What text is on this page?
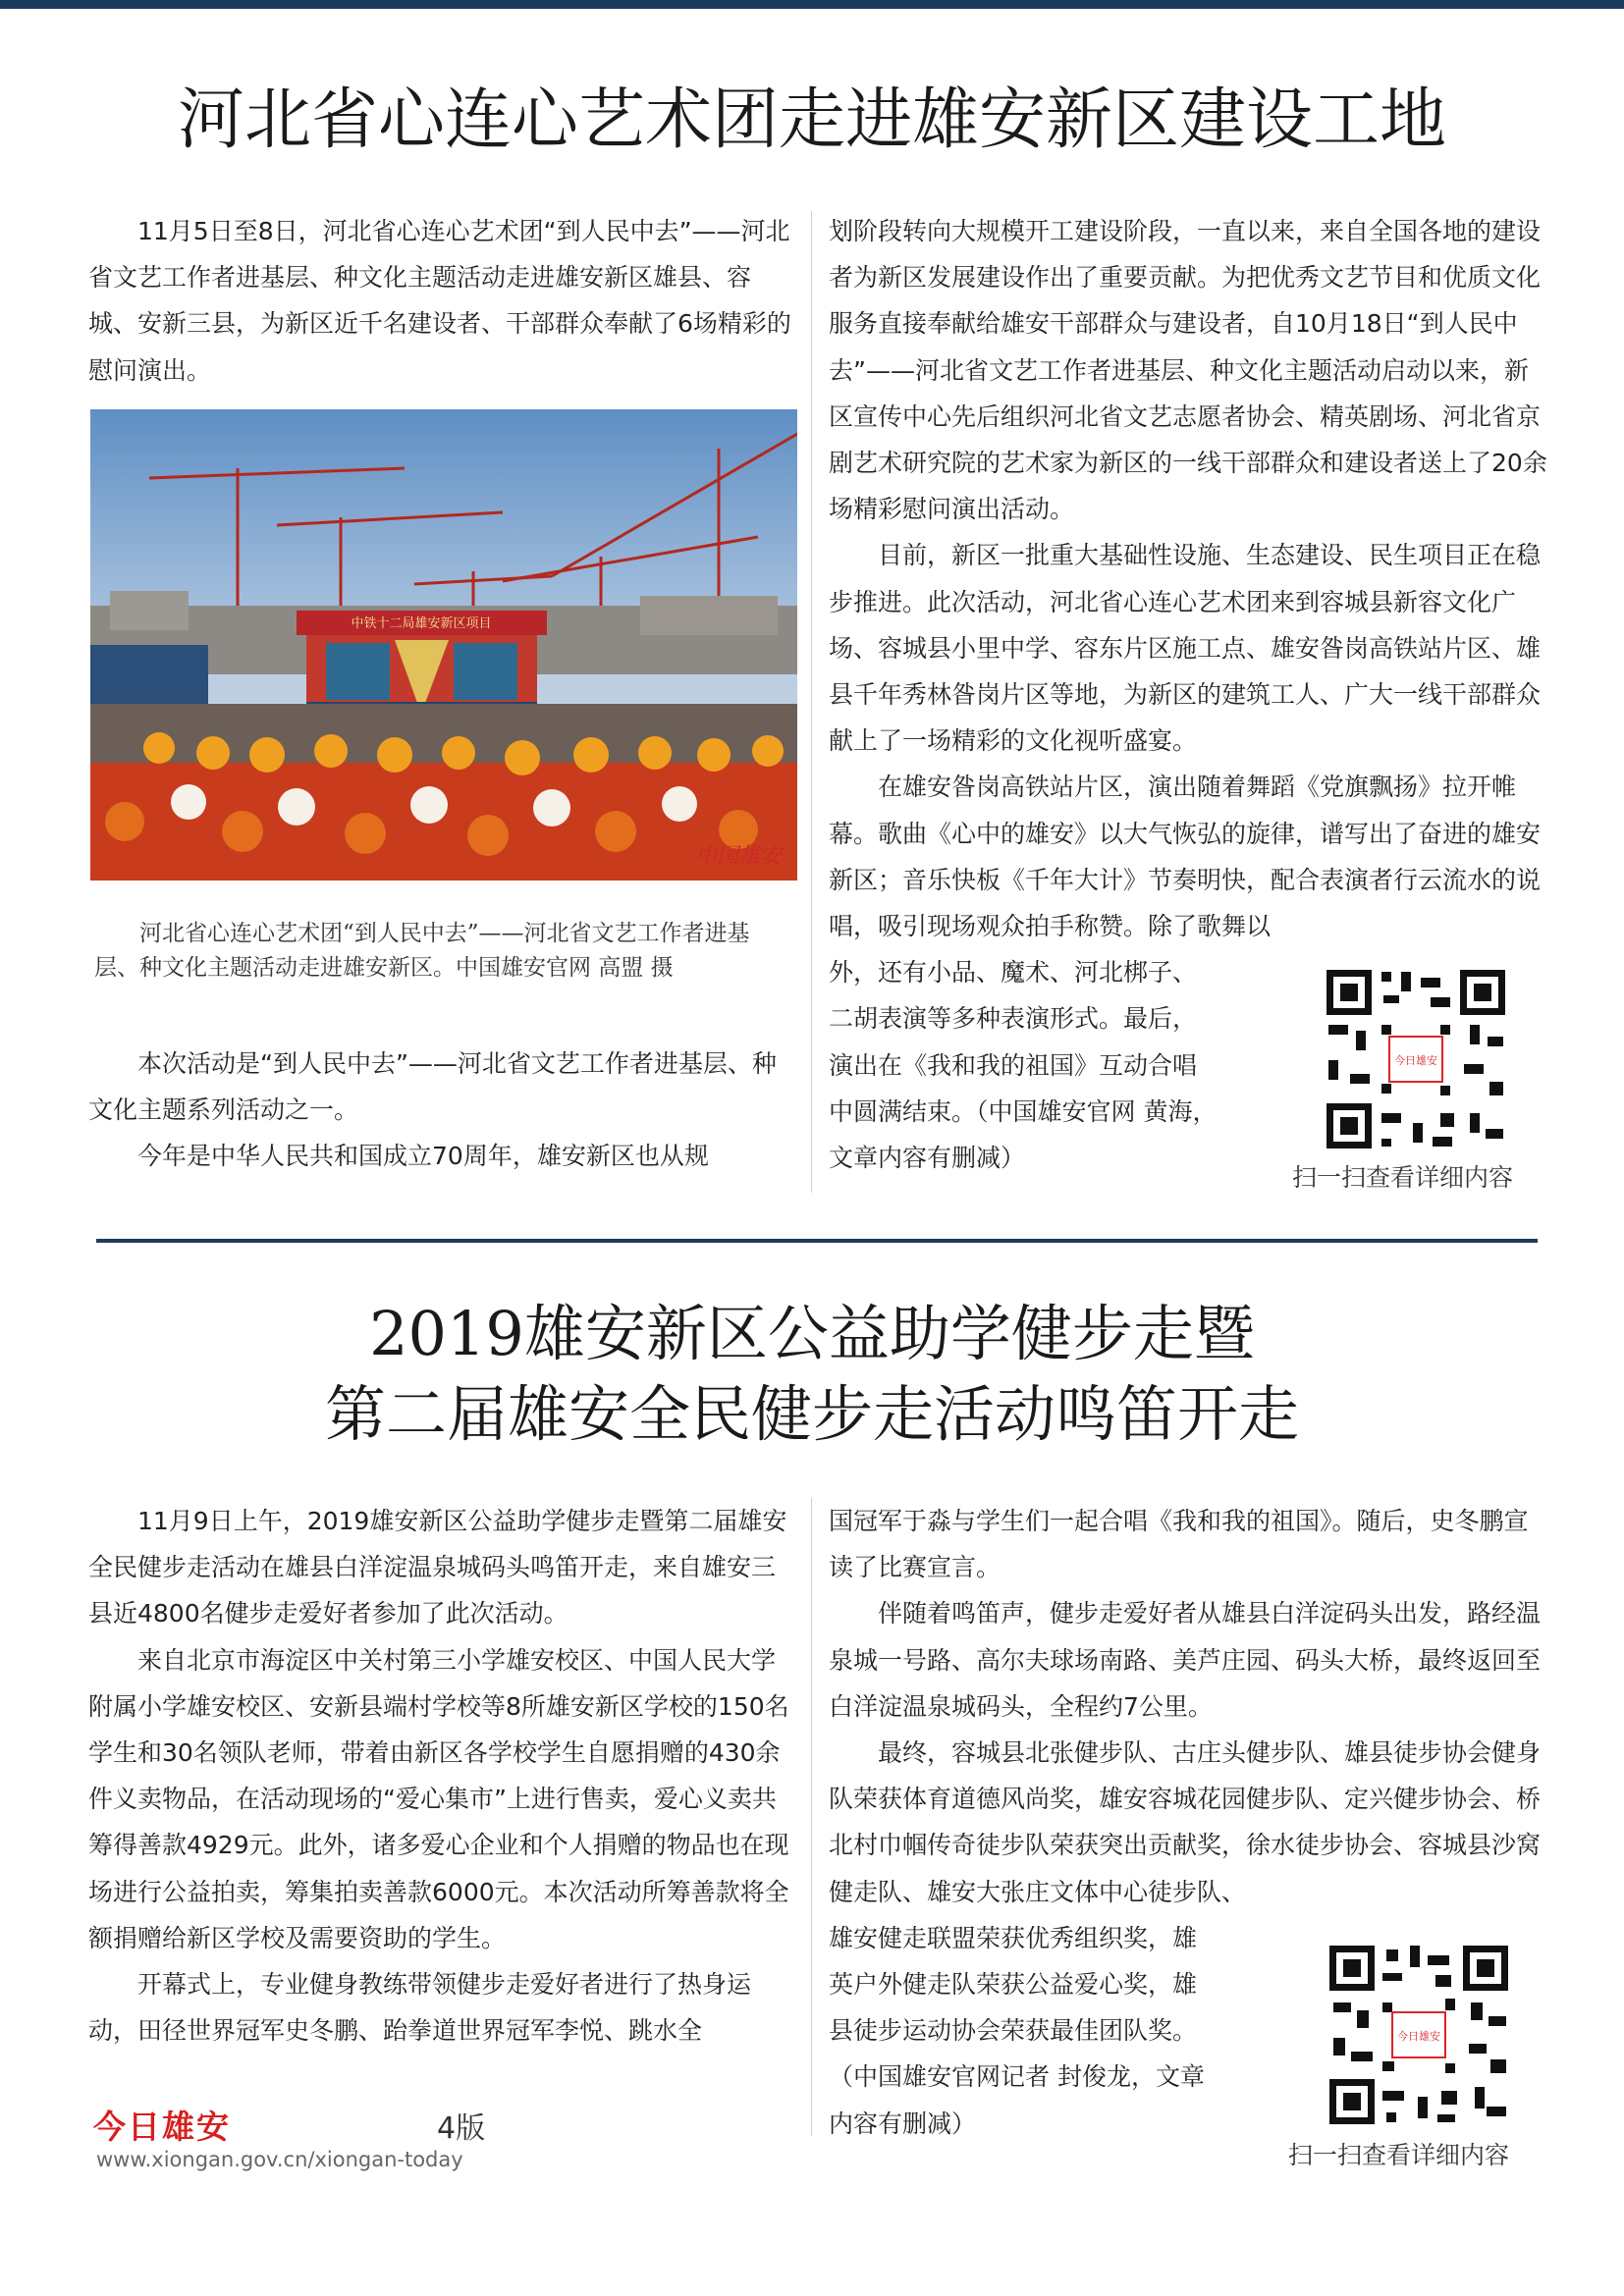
河北省心连心艺术团走进雄安新区建设工地

11月5日至8日，河北省心连心艺术团“到人民中去”——河北省文艺工作者进基层、种文化主题活动走进雄安新区雄县、容城、安新三县，为新区近千名建设者、干部群众奉献了6场精彩的慰问演出。

中铁十二局雄安新区项目
中国雄安

河北省心连心艺术团“到人民中去”——河北省文艺工作者进基层、种文化主题活动走进雄安新区。中国雄安官网 高盟 摄

本次活动是“到人民中去”——河北省文艺工作者进基层、种文化主题系列活动之一。

今年是中华人民共和国成立70周年，雄安新区也从规

划阶段转向大规模开工建设阶段，一直以来，来自全国各地的建设者为新区发展建设作出了重要贡献。为把优秀文艺节目和优质文化服务直接奉献给雄安干部群众与建设者，自10月18日“到人民中去”——河北省文艺工作者进基层、种文化主题活动启动以来，新区宣传中心先后组织河北省文艺志愿者协会、精英剧场、河北省京剧艺术研究院的艺术家为新区的一线干部群众和建设者送上了20余场精彩慰问演出活动。

目前，新区一批重大基础性设施、生态建设、民生项目正在稳步推进。此次活动，河北省心连心艺术团来到容城县新容文化广场、容城县小里中学、容东片区施工点、雄安昝岗高铁站片区、雄县千年秀林昝岗片区等地，为新区的建筑工人、广大一线干部群众献上了一场精彩的文化视听盛宴。

在雄安昝岗高铁站片区，演出随着舞蹈《党旗飘扬》拉开帷幕。歌曲《心中的雄安》以大气恢弘的旋律，谱写出了奋进的雄安新区；音乐快板《千年大计》节奏明快，配合表演者行云流水的说唱，吸引现场观众拍手称赞。除了歌舞以

外，还有小品、魔术、河北梆子、
二胡表演等多种表演形式。最后，
演出在《我和我的祖国》互动合唱
中圆满结束。（中国雄安官网 黄海，
文章内容有删减）
今日雄安
扫一扫查看详细内容
2019雄安新区公益助学健步走暨
第二届雄安全民健步走活动鸣笛开走

11月9日上午，2019雄安新区公益助学健步走暨第二届雄安全民健步走活动在雄县白洋淀温泉城码头鸣笛开走，来自雄安三县近4800名健步走爱好者参加了此次活动。

来自北京市海淀区中关村第三小学雄安校区、中国人民大学附属小学雄安校区、安新县端村学校等8所雄安新区学校的150名学生和30名领队老师，带着由新区各学校学生自愿捐赠的430余件义卖物品，在活动现场的“爱心集市”上进行售卖，爱心义卖共筹得善款4929元。此外，诸多爱心企业和个人捐赠的物品也在现场进行公益拍卖，筹集拍卖善款6000元。本次活动所筹善款将全额捐赠给新区学校及需要资助的学生。

开幕式上，专业健身教练带领健步走爱好者进行了热身运动，田径世界冠军史冬鹏、跆拳道世界冠军李悦、跳水全

国冠军于淼与学生们一起合唱《我和我的祖国》。随后，史冬鹏宣读了比赛宣言。

伴随着鸣笛声，健步走爱好者从雄县白洋淀码头出发，路经温泉城一号路、高尔夫球场南路、美芦庄园、码头大桥，最终返回至白洋淀温泉城码头，全程约7公里。

最终，容城县北张健步队、古庄头健步队、雄县徒步协会健身队荣获体育道德风尚奖，雄安容城花园健步队、定兴健步协会、桥北村巾帼传奇徒步队荣获突出贡献奖，徐水徒步协会、容城县沙窝健走队、雄安大张庄文体中心徒步队、

雄安健走联盟荣获优秀组织奖，雄
英户外健走队荣获公益爱心奖，雄
县徒步运动协会荣获最佳团队奖。
（中国雄安官网记者 封俊龙，文章
内容有删减）
今日雄安
扫一扫查看详细内容
今日雄安	4版
www.xiongan.gov.cn/xiongan-today
